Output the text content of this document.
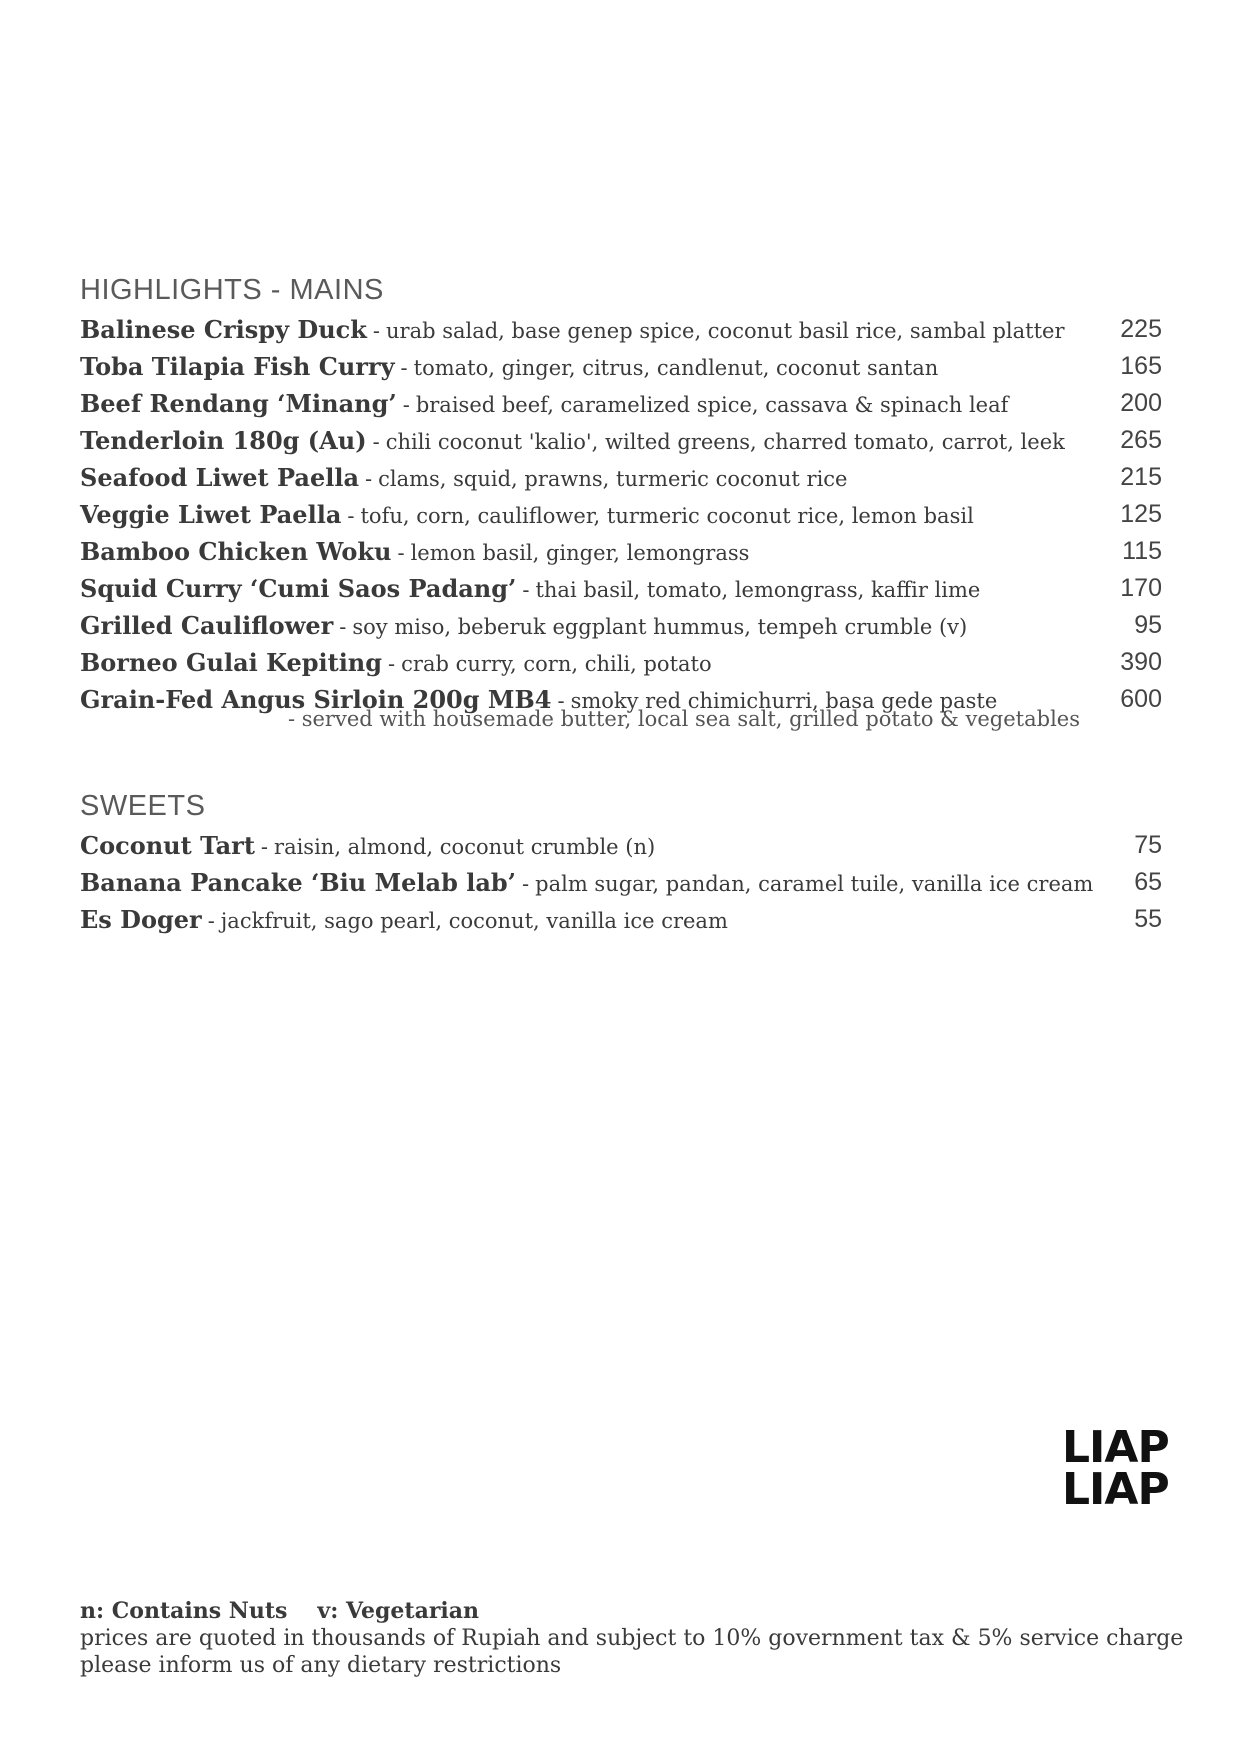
HIGHLIGHTS - MAINS
Balinese Crispy Duck - urab salad, base genep spice, coconut basil rice, sambal platter 225
Toba Tilapia Fish Curry - tomato, ginger, citrus, candlenut, coconut santan	165
Beef Rendang ‘Minang’ - braised beef, caramelized spice, cassava & spinach leaf	200
Tenderloin 180g (Au) - chili coconut 'kalio', wilted greens, charred tomato, carrot, leek 265
Seafood Liwet Paella - clams, squid, prawns, turmeric coconut rice	215
Veggie Liwet Paella - tofu, corn, cauliflower, turmeric coconut rice, lemon basil	125
Bamboo Chicken Woku - lemon basil, ginger, lemongrass	115
Squid Curry ‘Cumi Saos Padang’ - thai basil, tomato, lemongrass, kaffir lime	170
Grilled Cauliflower - soy miso, beberuk eggplant hummus, tempeh crumble (v)	95
Borneo Gulai Kepiting - crab curry, corn, chili, potato	390
Grain-Fed Angus Sirloin 200g MB4 - smoky red chimichurri, basa gede paste	600
- served with housemade butter, local sea salt, grilled potato & vegetables
SWEETS
Coconut Tart - raisin, almond, coconut crumble (n)	75
Banana Pancake ‘Biu Melab lab’ - palm sugar, pandan, caramel tuile, vanilla ice cream 65
Es Doger - jackfruit, sago pearl, coconut, vanilla ice cream	55
LIAP
LIAP
n: Contains Nuts v: Vegetarian
prices are quoted in thousands of Rupiah and subject to 10% government tax & 5% service charge
please inform us of any dietary restrictions
